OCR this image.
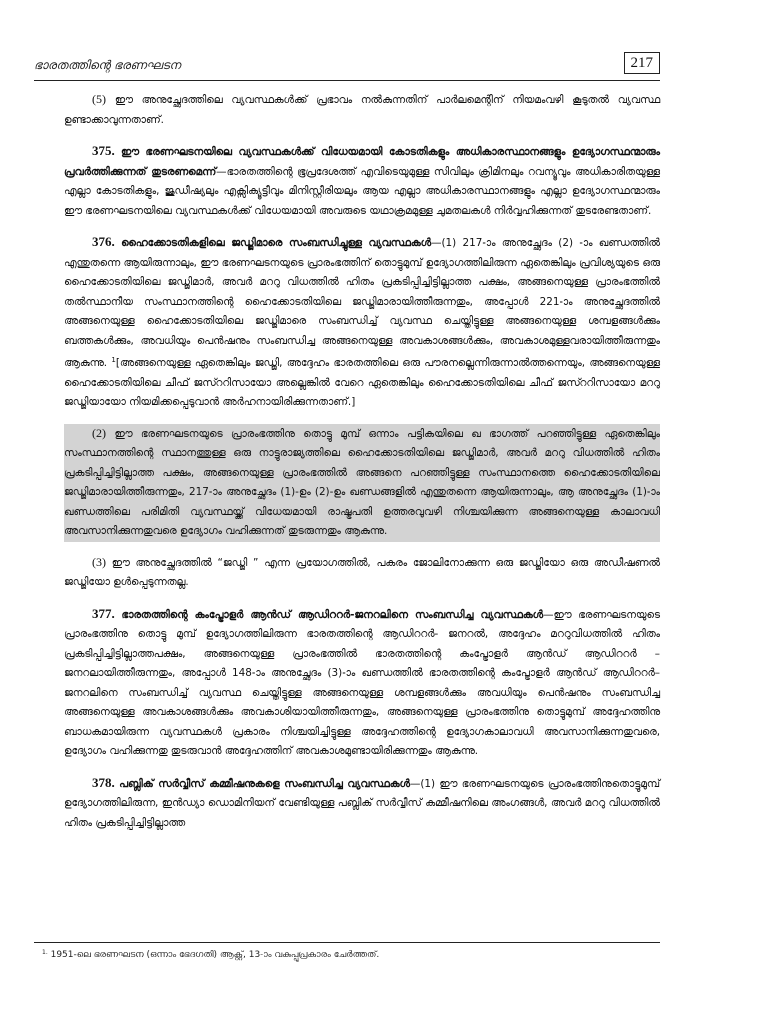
ഭാരതത്തിന്റെ ഭരണഘടന	217

(5) ഈ അനുച്ഛേദത്തിലെ വ്യവസ്ഥകൾക്ക് പ്രഭാവം നൽകുന്നതിന് പാർലമെന്റിന് നിയമംവഴി കൂടുതൽ വ്യവസ്ഥ ഉണ്ടാക്കാവുന്നതാണ്.

375. ഈ ഭരണഘടനയിലെ വ്യവസ്ഥകൾക്ക് വിധേയമായി കോടതികളും അധികാരസ്ഥാനങ്ങളും ഉദ്യോഗസ്ഥന്മാരും പ്രവർത്തിക്കുന്നത് തുടരണമെന്ന്—ഭാരതത്തിന്റെ ഭൂപ്രദേശത്ത് എവിടെയുമുള്ള സിവിലും ക്രിമിനലും റവന്യൂവും അധികാരിതയുള്ള എല്ലാ കോടതികളും, ജുഡീഷ്യലും എക്സിക്യൂട്ടീവും മിനിസ്റ്റീരിയലും ആയ എല്ലാ അധികാരസ്ഥാനങ്ങളും എല്ലാ ഉദ്യോഗസ്ഥന്മാരും ഈ ഭരണഘടനയിലെ വ്യവസ്ഥകൾക്ക് വിധേയമായി അവരുടെ യഥാക്രമമുള്ള ചുമതലകൾ നിർവ്വഹിക്കുന്നത് തുടരേണ്ടതാണ്.

376. ഹൈക്കോടതികളിലെ ജഡ്ജിമാരെ സംബന്ധിച്ചുള്ള വ്യവസ്ഥകൾ—(1) 217-ാം അനുച്ഛേദം (2) -ാം ഖണ്ഡത്തിൽ എന്തുതന്നെ ആയിരുന്നാലും, ഈ ഭരണഘടനയുടെ പ്രാരംഭത്തിന് തൊട്ടുമുമ്പ് ഉദ്യോഗത്തിലിരുന്ന ഏതെങ്കിലും പ്രവിശ്യയുടെ ഒരു ഹൈക്കോടതിയിലെ ജഡ്ജിമാർ, അവർ മററു വിധത്തിൽ ഹിതം പ്രകടിപ്പിച്ചിട്ടില്ലാത്ത പക്ഷം, അങ്ങനെയുള്ള പ്രാരംഭത്തിൽ തൽസ്ഥാനീയ സംസ്ഥാനത്തിന്റെ ഹൈക്കോടതിയിലെ ജഡ്ജിമാരായിത്തീരുന്നതും, അപ്പോൾ 221-ാം അനുച്ഛേദത്തിൽ അങ്ങനെയുള്ള ഹൈക്കോടതിയിലെ ജഡ്ജിമാരെ സംബന്ധിച്ച് വ്യവസ്ഥ ചെയ്തിട്ടുള്ള അങ്ങനെയുള്ള ശമ്പളങ്ങൾക്കും ബത്തകൾക്കും, അവധിയും പെൻഷനും സംബന്ധിച്ച അങ്ങനെയുള്ള അവകാശങ്ങൾക്കും, അവകാശമുള്ളവരായിത്തീരുന്നതും ആകുന്നു. $^1$[അങ്ങനെയുള്ള ഏതെങ്കിലും ജഡ്ജി, അദ്ദേഹം ഭാരതത്തിലെ ഒരു പൗരനല്ലെന്നിരുന്നാൽത്തന്നെയും, അങ്ങനെയുള്ള ഹൈക്കോടതിയിലെ ചീഫ് ജസ്ററിസായോ അല്ലെങ്കിൽ വേറെ ഏതെങ്കിലും ഹൈക്കോടതിയിലെ ചീഫ് ജസ്ററിസായോ മററു ജഡ്ജിയായോ നിയമിക്കപ്പെടുവാൻ അർഹനായിരിക്കുന്നതാണ്.]

(2) ഈ ഭരണഘടനയുടെ പ്രാരംഭത്തിനു തൊട്ടു മുമ്പ് ഒന്നാം പട്ടികയിലെ ഖ ഭാഗത്ത് പറഞ്ഞിട്ടുള്ള ഏതെങ്കിലും സംസ്ഥാനത്തിന്റെ സ്ഥാനത്തുള്ള ഒരു നാട്ടുരാജ്യത്തിലെ ഹൈക്കോടതിയിലെ ജഡ്ജിമാർ, അവർ മററു വിധത്തിൽ ഹിതം പ്രകടിപ്പിച്ചിട്ടില്ലാത്ത പക്ഷം, അങ്ങനെയുള്ള പ്രാരംഭത്തിൽ അങ്ങനെ പറഞ്ഞിട്ടുള്ള സംസ്ഥാനത്തെ ഹൈക്കോടതിയിലെ ജഡ്ജിമാരായിത്തീരുന്നതും, 217-ാം അനുച്ഛേദം (1)-ഉം (2)-ഉം ഖണ്ഡങ്ങളിൽ എന്തുതന്നെ ആയിരുന്നാലും, ആ അനുച്ഛേദം (1)-ാം ഖണ്ഡത്തിലെ പരിമിതി വ്യവസ്ഥയ്ക്ക് വിധേയമായി രാഷ്ട്രപതി ഉത്തരവുവഴി നിശ്ചയിക്കുന്ന അങ്ങനെയുള്ള കാലാവധി അവസാനിക്കുന്നതുവരെ ഉദ്യോഗം വഹിക്കുന്നത് തുടരുന്നതും ആകുന്നു.

(3) ഈ അനുച്ഛേദത്തിൽ “ജഡ്ജി ” എന്ന പ്രയോഗത്തിൽ, പകരം ജോലിനോക്കുന്ന ഒരു ജഡ്ജിയോ ഒരു അഡീഷണൽ ജഡ്ജിയോ ഉൾപ്പെടുന്നതല്ല.

377. ഭാരതത്തിന്റെ കംപ്ട്രോളർ ആൻഡ് ആഡിററർ-ജനറലിനെ സംബന്ധിച്ച വ്യവസ്ഥകൾ—ഈ ഭരണഘടനയുടെ പ്രാരംഭത്തിനു തൊട്ടു മുമ്പ് ഉദ്യോഗത്തിലിരുന്ന ഭാരതത്തിന്റെ ആഡിററർ- ജനറൽ, അദ്ദേഹം മററുവിധത്തിൽ ഹിതം പ്രകടിപ്പിച്ചിട്ടില്ലാത്തപക്ഷം, അങ്ങനെയുള്ള പ്രാരംഭത്തിൽ ഭാരതത്തിന്റെ കംപ്ട്രോളർ ആൻഡ് ആഡിററർ – ജനറലായിത്തീരുന്നതും, അപ്പോൾ 148-ാം അനുച്ഛേദം (3)-ാം ഖണ്ഡത്തിൽ ഭാരതത്തിന്റെ കംപ്ട്രോളർ ആൻഡ് ആഡിററർ– ജനറലിനെ സംബന്ധിച്ച് വ്യവസ്ഥ ചെയ്തിട്ടുള്ള അങ്ങനെയുള്ള ശമ്പളങ്ങൾക്കും അവധിയും പെൻഷനും സംബന്ധിച്ച അങ്ങനെയുള്ള അവകാശങ്ങൾക്കും അവകാശിയായിത്തീരുന്നതും, അങ്ങനെയുള്ള പ്രാരംഭത്തിനു തൊട്ടുമുമ്പ് അദ്ദേഹത്തിനു ബാധകമായിരുന്ന വ്യവസ്ഥകൾ പ്രകാരം നിശ്ചയിച്ചിട്ടുള്ള അദ്ദേഹത്തിന്റെ ഉദ്യോഗകാലാവധി അവസാനിക്കുന്നതുവരെ, ഉദ്യോഗം വഹിക്കുന്നതു തുടരുവാൻ അദ്ദേഹത്തിന് അവകാശമുണ്ടായിരിക്കുന്നതും ആകുന്നു.

378. പബ്ലിക് സർവ്വീസ് കമ്മീഷനുകളെ സംബന്ധിച്ച വ്യവസ്ഥകൾ—(1) ഈ ഭരണഘടനയുടെ പ്രാരംഭത്തിനുതൊട്ടുമുമ്പ് ഉദ്യോഗത്തിലിരുന്ന, ഇൻഡ്യാ ഡൊമിനിയന് വേണ്ടിയുള്ള പബ്ലിക് സർവ്വീസ് കമ്മീഷനിലെ അംഗങ്ങൾ, അവർ മററു വിധത്തിൽ ഹിതം പ്രകടിപ്പിച്ചിട്ടില്ലാത്ത

$^{1.}$ 1951-ലെ ഭരണഘടന (ഒന്നാം ഭേദഗതി) ആക്റ്റ്, 13-ാം വകുപ്പുപ്രകാരം ചേർത്തത്.
